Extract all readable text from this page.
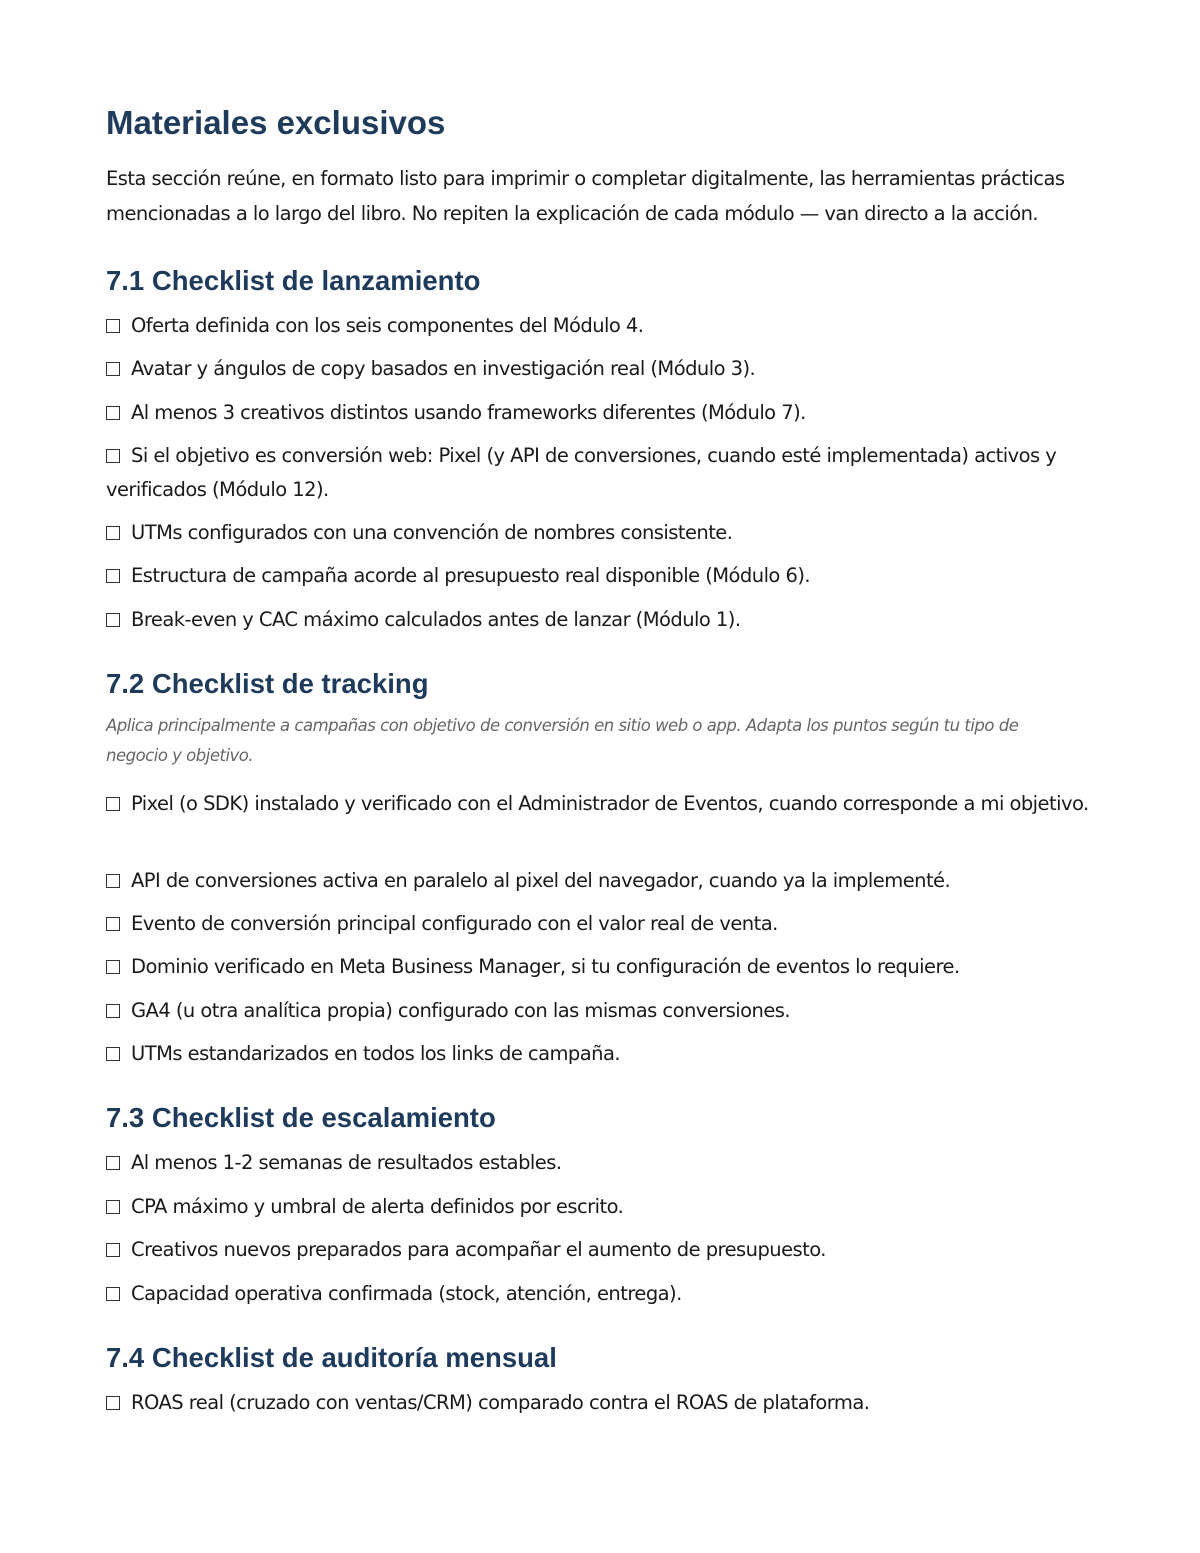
Materiales exclusivos

Esta sección reúne, en formato listo para imprimir o completar digitalmente, las herramientas prácticas mencionadas a lo largo del libro. No repiten la explicación de cada módulo — van directo a la acción.

7.1 Checklist de lanzamiento

Oferta definida con los seis componentes del Módulo 4.

Avatar y ángulos de copy basados en investigación real (Módulo 3).

Al menos 3 creativos distintos usando frameworks diferentes (Módulo 7).

Si el objetivo es conversión web: Pixel (y API de conversiones, cuando esté implementada) activos y verificados (Módulo 12).

UTMs configurados con una convención de nombres consistente.

Estructura de campaña acorde al presupuesto real disponible (Módulo 6).

Break-even y CAC máximo calculados antes de lanzar (Módulo 1).

7.2 Checklist de tracking

Aplica principalmente a campañas con objetivo de conversión en sitio web o app. Adapta los puntos según tu tipo de negocio y objetivo.

Pixel (o SDK) instalado y verificado con el Administrador de Eventos, cuando corresponde a mi objetivo.

API de conversiones activa en paralelo al pixel del navegador, cuando ya la implementé.

Evento de conversión principal configurado con el valor real de venta.

Dominio verificado en Meta Business Manager, si tu configuración de eventos lo requiere.

GA4 (u otra analítica propia) configurado con las mismas conversiones.

UTMs estandarizados en todos los links de campaña.

7.3 Checklist de escalamiento

Al menos 1-2 semanas de resultados estables.

CPA máximo y umbral de alerta definidos por escrito.

Creativos nuevos preparados para acompañar el aumento de presupuesto.

Capacidad operativa confirmada (stock, atención, entrega).

7.4 Checklist de auditoría mensual

ROAS real (cruzado con ventas/CRM) comparado contra el ROAS de plataforma.
